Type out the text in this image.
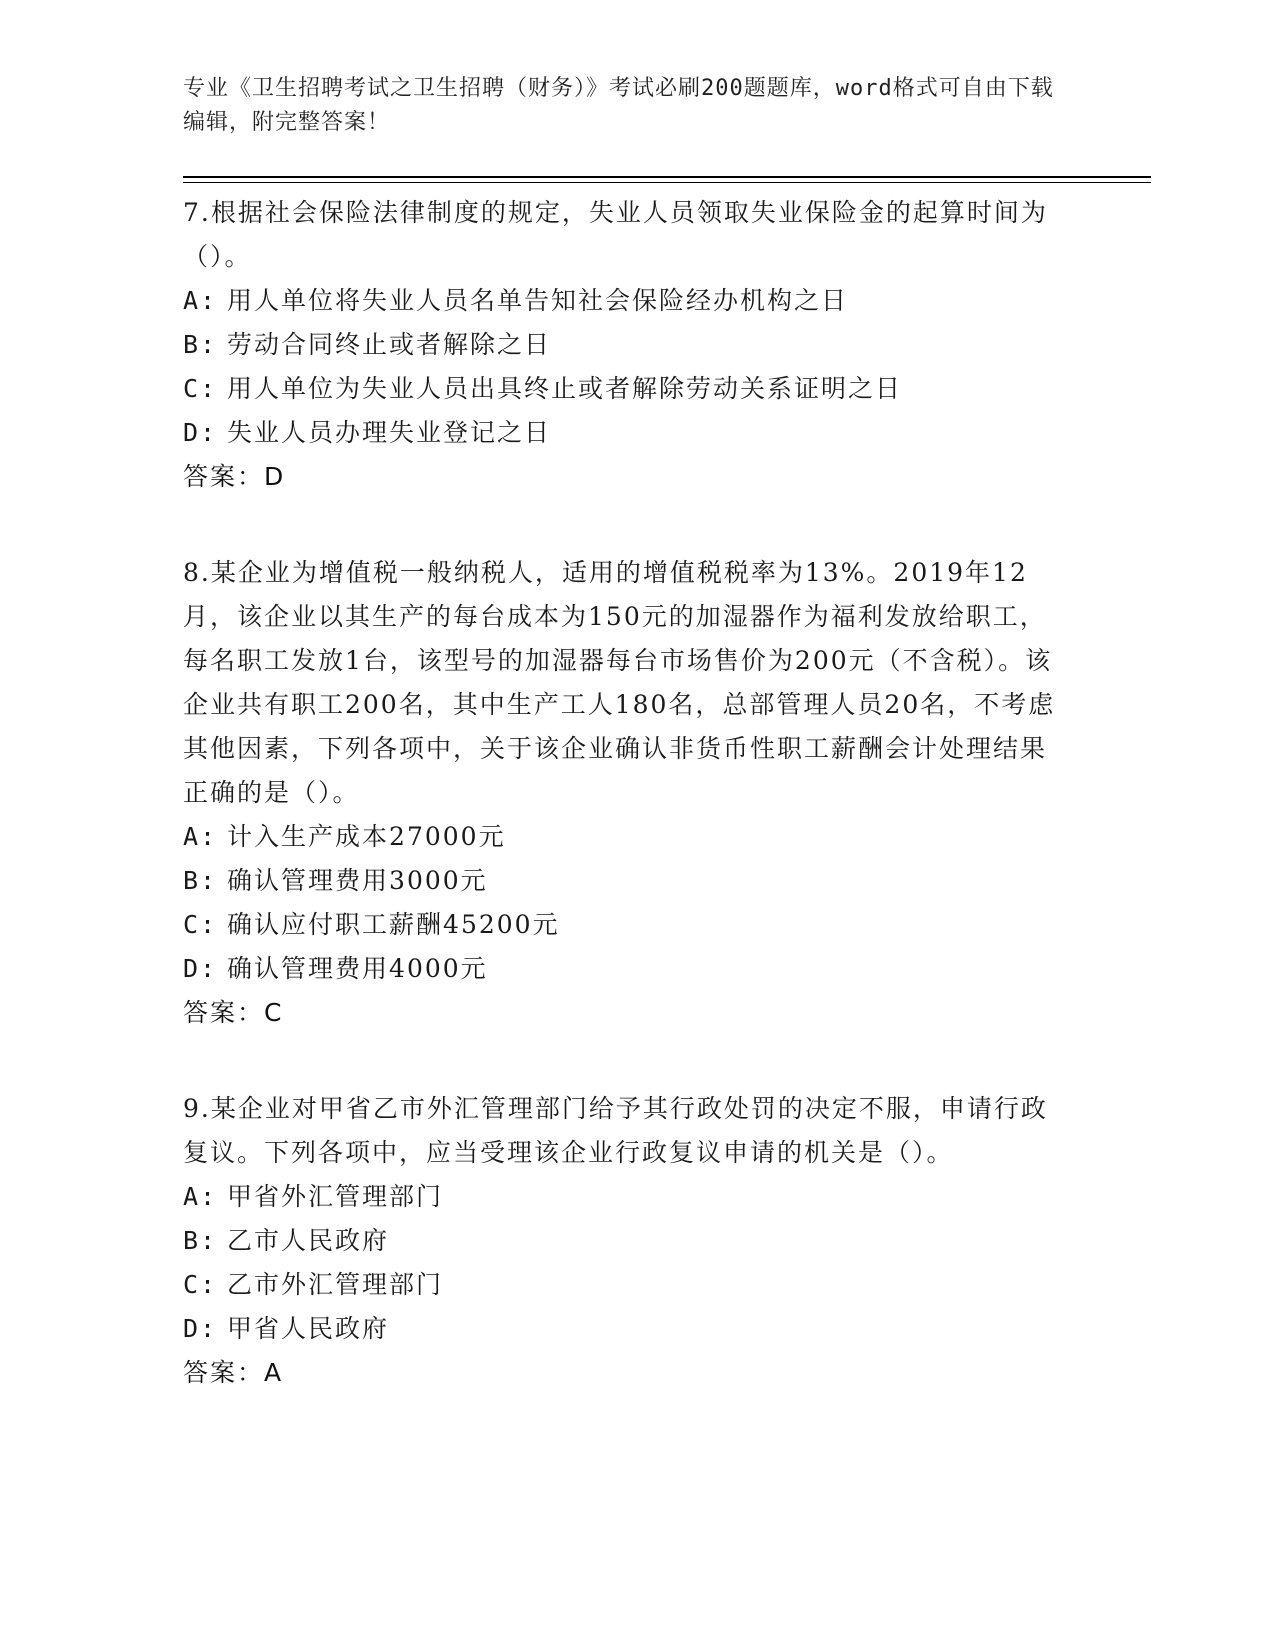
专业《卫生招聘考试之卫生招聘（财务）》考试必刷200题题库，word格式可自由下载编辑，附完整答案！
7.根据社会保险法律制度的规定，失业人员领取失业保险金的起算时间为（）。
A: 用人单位将失业人员名单告知社会保险经办机构之日
B: 劳动合同终止或者解除之日
C: 用人单位为失业人员出具终止或者解除劳动关系证明之日
D: 失业人员办理失业登记之日
答案：D
8.某企业为增值税一般纳税人，适用的增值税税率为13%。2019年12月，该企业以其生产的每台成本为150元的加湿器作为福利发放给职工，每名职工发放1台，该型号的加湿器每台市场售价为200元（不含税）。该企业共有职工200名，其中生产工人180名，总部管理人员20名，不考虑其他因素，下列各项中，关于该企业确认非货币性职工薪酬会计处理结果正确的是（）。
A: 计入生产成本27000元
B: 确认管理费用3000元
C: 确认应付职工薪酬45200元
D: 确认管理费用4000元
答案：C
9.某企业对甲省乙市外汇管理部门给予其行政处罚的决定不服，申请行政复议。下列各项中，应当受理该企业行政复议申请的机关是（）。
A: 甲省外汇管理部门
B: 乙市人民政府
C: 乙市外汇管理部门
D: 甲省人民政府
答案：A
